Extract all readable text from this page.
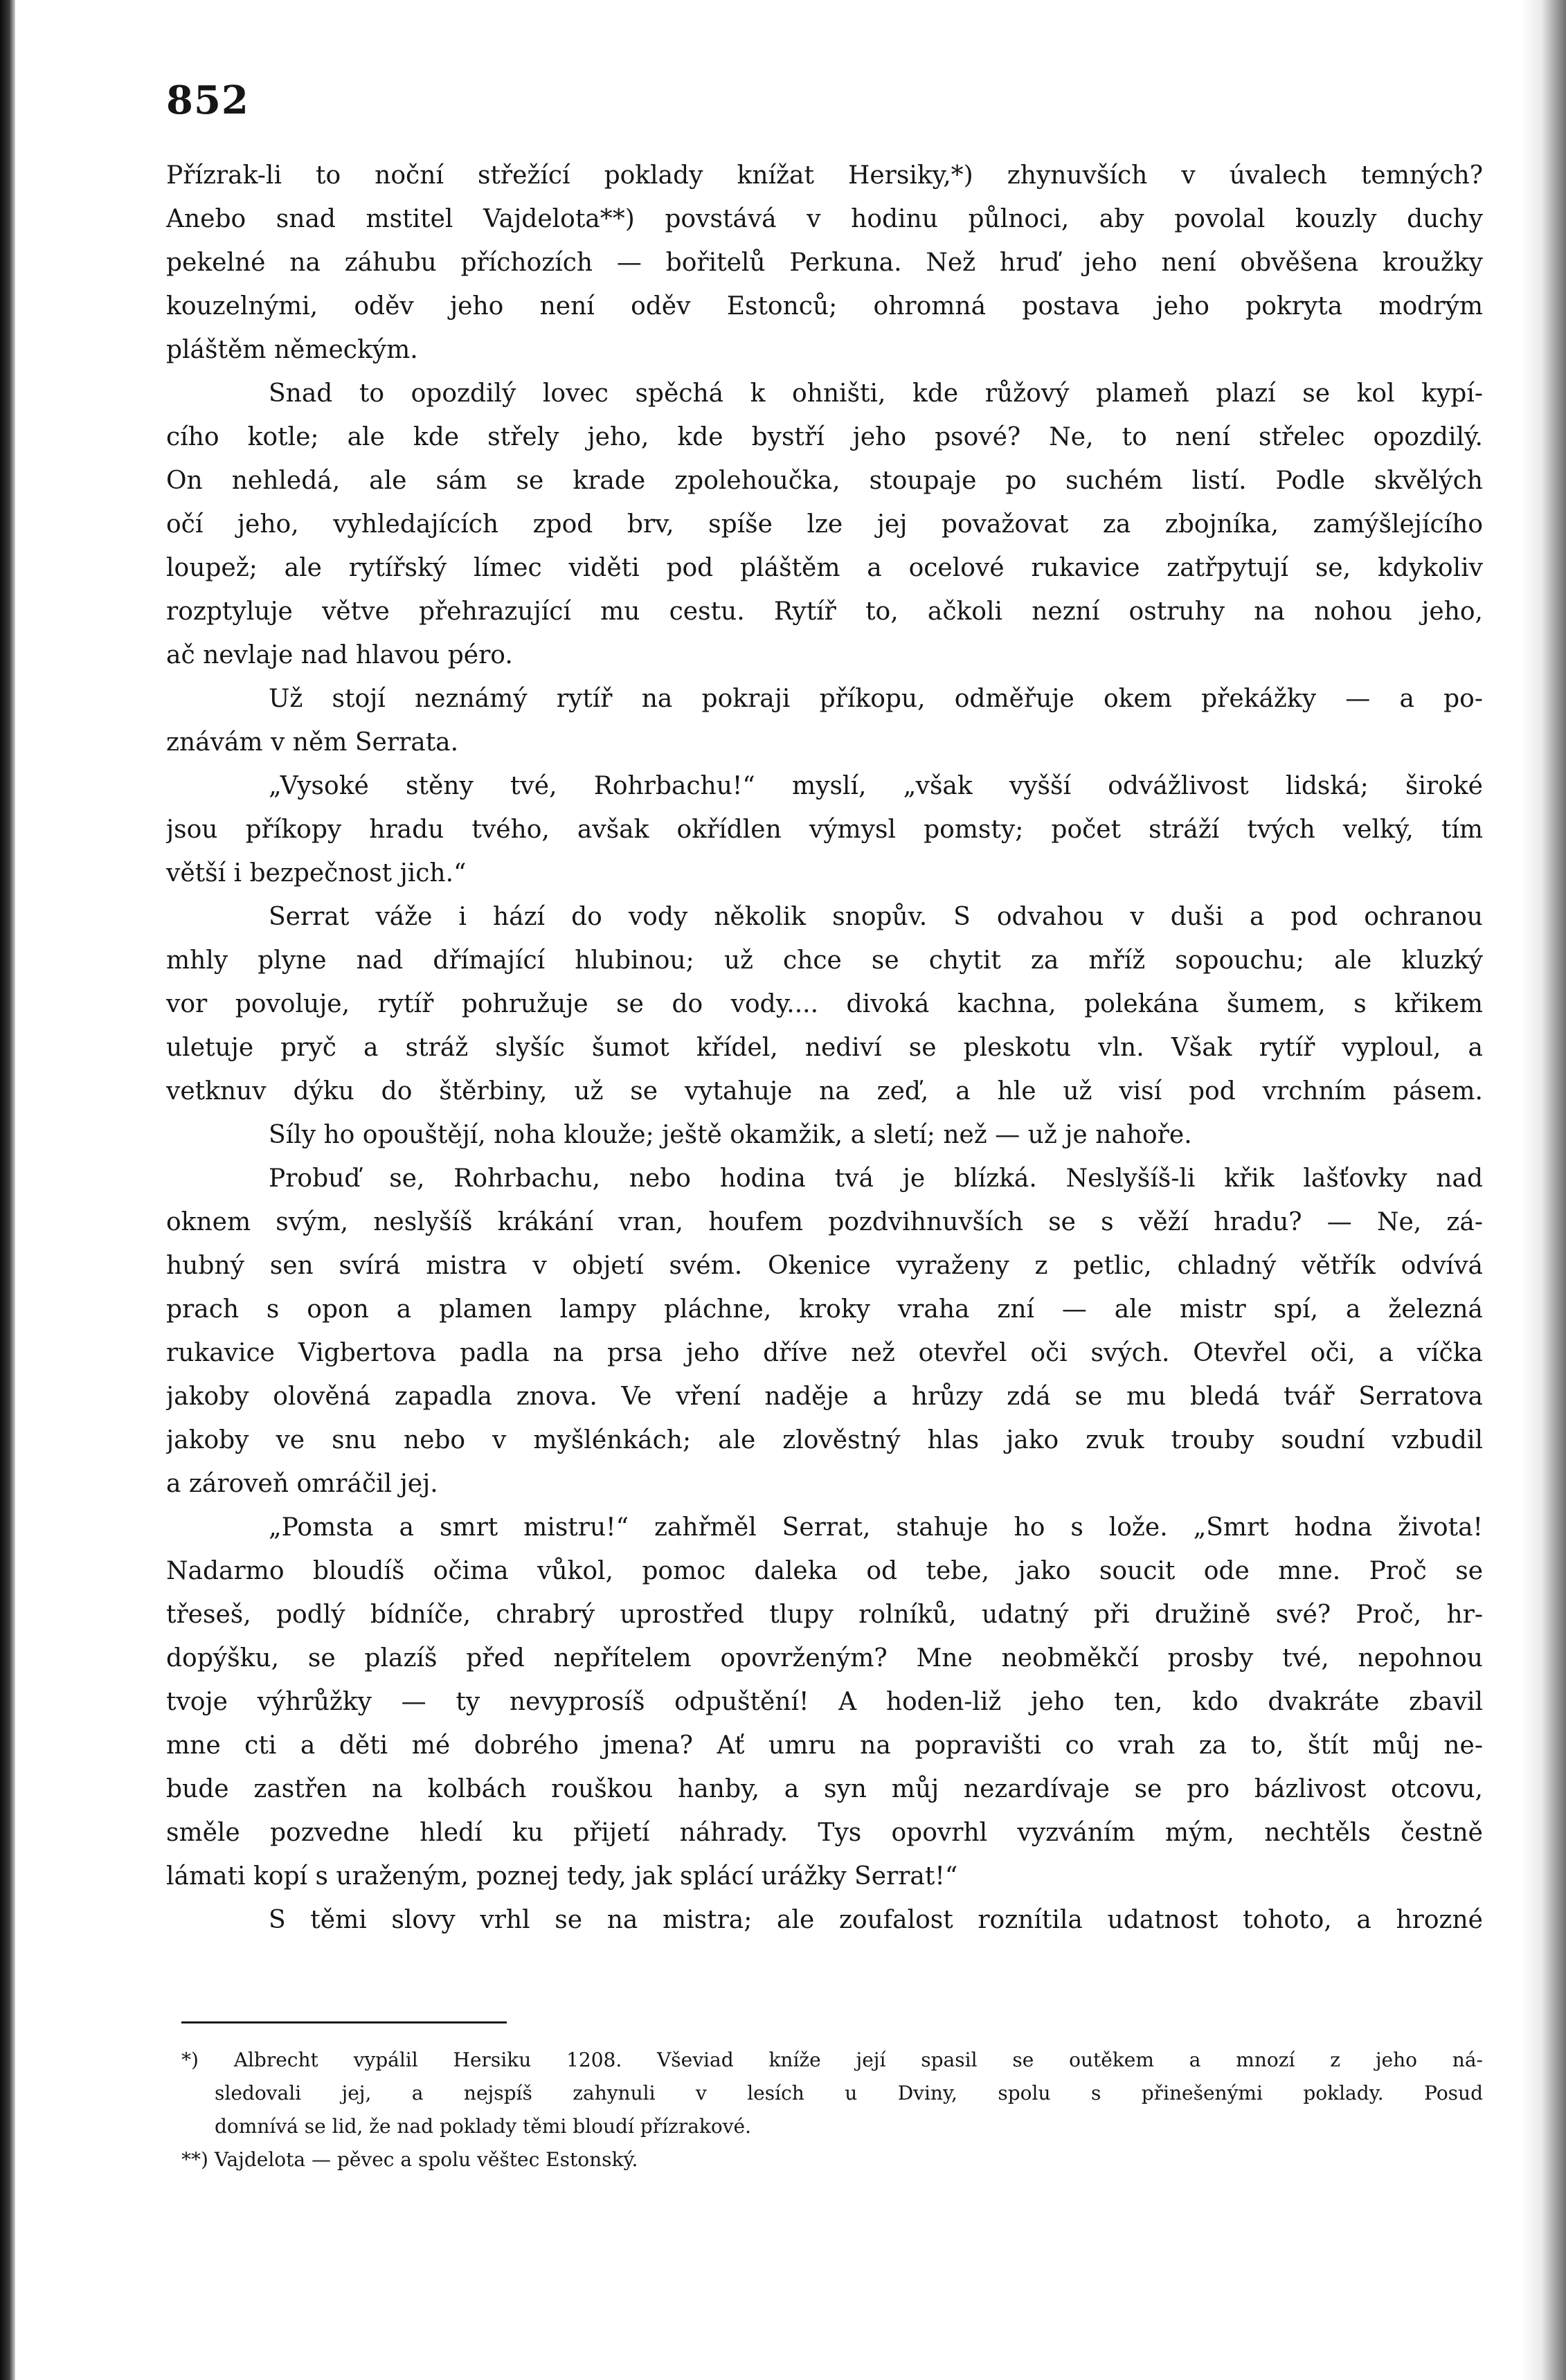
852
Přízrak-li to noční střežící poklady knížat Hersiky,*) zhynuvších v úvalech temných?
Anebo snad mstitel Vajdelota**) povstává v hodinu půlnoci, aby povolal kouzly duchy
pekelné na záhubu příchozích — bořitelů Perkuna. Než hruď jeho není obvěšena kroužky
kouzelnými, oděv jeho není oděv Estonců; ohromná postava jeho pokryta modrým
pláštěm německým.
Snad to opozdilý lovec spěchá k ohništi, kde růžový plameň plazí se kol kypí-
cího kotle; ale kde střely jeho, kde bystří jeho psové? Ne, to není střelec opozdilý.
On nehledá, ale sám se krade zpolehoučka, stoupaje po suchém listí. Podle skvělých
očí jeho, vyhledajících zpod brv, spíše lze jej považovat za zbojníka, zamýšlejícího
loupež; ale rytířský límec viděti pod pláštěm a ocelové rukavice zatřpytují se, kdykoliv
rozptyluje větve přehrazující mu cestu. Rytíř to, ačkoli nezní ostruhy na nohou jeho,
ač nevlaje nad hlavou péro.
Už stojí neznámý rytíř na pokraji příkopu, odměřuje okem překážky — a po-
znávám v něm Serrata.
„Vysoké stěny tvé, Rohrbachu!“ myslí, „však vyšší odvážlivost lidská; široké
jsou příkopy hradu tvého, avšak okřídlen výmysl pomsty; počet stráží tvých velký, tím
větší i bezpečnost jich.“
Serrat váže i hází do vody několik snopův. S odvahou v duši a pod ochranou
mhly plyne nad dřímající hlubinou; už chce se chytit za mříž sopouchu; ale kluzký
vor povoluje, rytíř pohružuje se do vody.... divoká kachna, polekána šumem, s křikem
uletuje pryč a stráž slyšíc šumot křídel, nediví se pleskotu vln. Však rytíř vyploul, a
vetknuv dýku do štěrbiny, už se vytahuje na zeď, a hle už visí pod vrchním pásem.
Síly ho opouštějí, noha klouže; ještě okamžik, a sletí; než — už je nahoře.
Probuď se, Rohrbachu, nebo hodina tvá je blízká. Neslyšíš-li křik lašťovky nad
oknem svým, neslyšíš krákání vran, houfem pozdvihnuvších se s věží hradu? — Ne, zá-
hubný sen svírá mistra v objetí svém. Okenice vyraženy z petlic, chladný větřík odvívá
prach s opon a plamen lampy pláchne, kroky vraha zní — ale mistr spí, a železná
rukavice Vigbertova padla na prsa jeho dříve než otevřel oči svých. Otevřel oči, a víčka
jakoby olověná zapadla znova. Ve vření naděje a hrůzy zdá se mu bledá tvář Serratova
jakoby ve snu nebo v myšlénkách; ale zlověstný hlas jako zvuk trouby soudní vzbudil
a zároveň omráčil jej.
„Pomsta a smrt mistru!“ zahřměl Serrat, stahuje ho s lože. „Smrt hodna života!
Nadarmo bloudíš očima vůkol, pomoc daleka od tebe, jako soucit ode mne. Proč se
třeseš, podlý bídníče, chrabrý uprostřed tlupy rolníků, udatný při družině své? Proč, hr-
dopýšku, se plazíš před nepřítelem opovrženým? Mne neobměkčí prosby tvé, nepohnou
tvoje výhrůžky — ty nevyprosíš odpuštění! A hoden-liž jeho ten, kdo dvakráte zbavil
mne cti a děti mé dobrého jmena? Ať umru na popravišti co vrah za to, štít můj ne-
bude zastřen na kolbách rouškou hanby, a syn můj nezardívaje se pro bázlivost otcovu,
směle pozvedne hledí ku přijetí náhrady. Tys opovrhl vyzváním mým, nechtěls čestně
lámati kopí s uraženým, poznej tedy, jak splácí urážky Serrat!“
S těmi slovy vrhl se na mistra; ale zoufalost roznítila udatnost tohoto, a hrozné
*) Albrecht vypálil Hersiku 1208. Vševiad kníže její spasil se outěkem a mnozí z jeho ná-
sledovali jej, a nejspíš zahynuli v lesích u Dviny, spolu s přinešenými poklady. Posud
domnívá se lid, že nad poklady těmi bloudí přízrakové.
**) Vajdelota — pěvec a spolu věštec Estonský.
